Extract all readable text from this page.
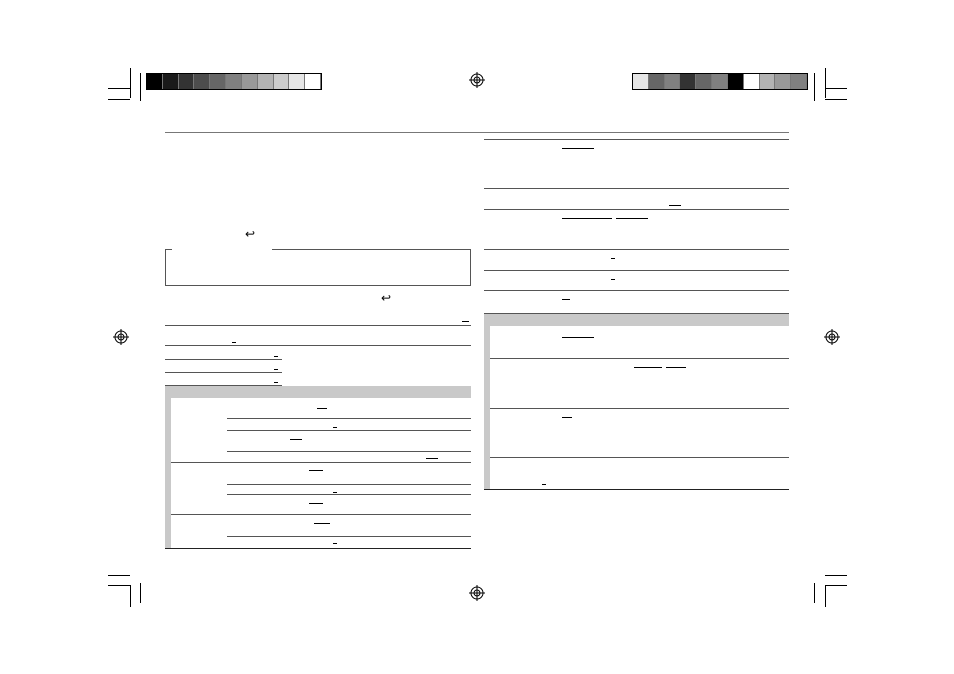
↩
↩
